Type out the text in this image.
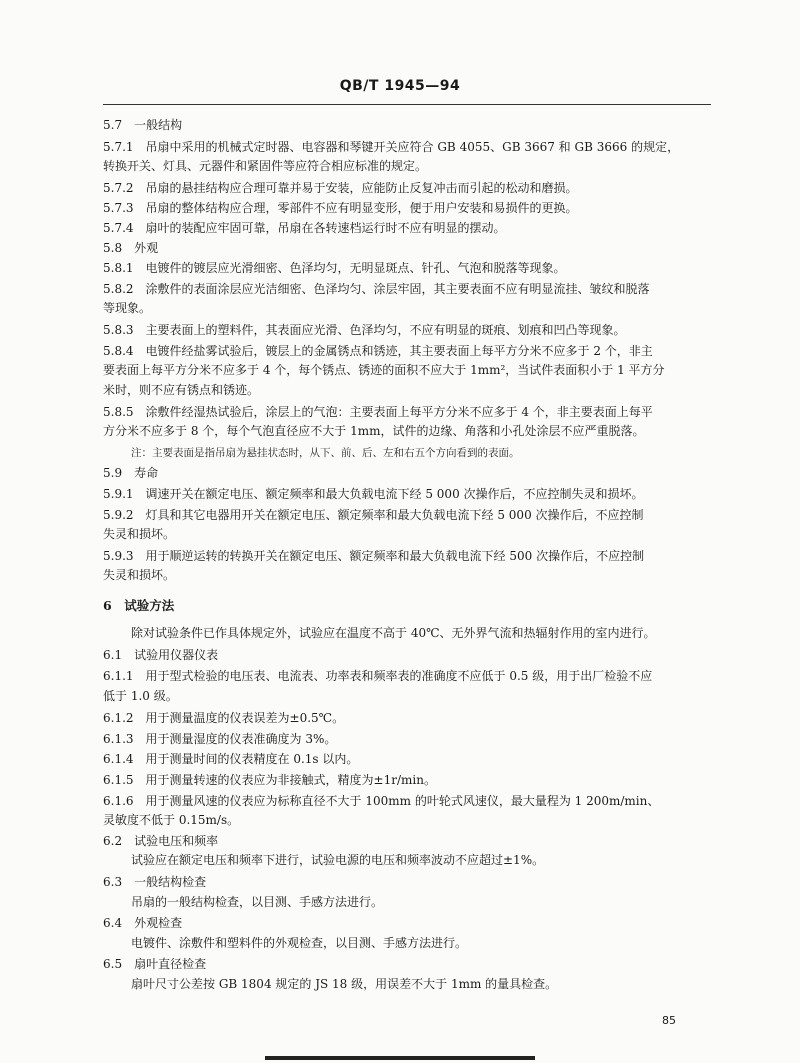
QB/T 1945—94
5.7　一般结构
5.7.1　吊扇中采用的机械式定时器、电容器和琴键开关应符合 GB 4055、GB 3667 和 GB 3666 的规定，
转换开关、灯具、元器件和紧固件等应符合相应标准的规定。
5.7.2　吊扇的悬挂结构应合理可靠并易于安装，应能防止反复冲击而引起的松动和磨损。
5.7.3　吊扇的整体结构应合理，零部件不应有明显变形，便于用户安装和易损件的更换。
5.7.4　扇叶的装配应牢固可靠，吊扇在各转速档运行时不应有明显的摆动。
5.8　外观
5.8.1　电镀件的镀层应光滑细密、色泽均匀，无明显斑点、针孔、气泡和脱落等现象。
5.8.2　涂敷件的表面涂层应光洁细密、色泽均匀、涂层牢固，其主要表面不应有明显流挂、皱纹和脱落
等现象。
5.8.3　主要表面上的塑料件，其表面应光滑、色泽均匀，不应有明显的斑痕、划痕和凹凸等现象。
5.8.4　电镀件经盐雾试验后，镀层上的金属锈点和锈迹，其主要表面上每平方分米不应多于 2 个，非主
要表面上每平方分米不应多于 4 个，每个锈点、锈迹的面积不应大于 1mm²，当试件表面积小于 1 平方分
米时，则不应有锈点和锈迹。
5.8.5　涂敷件经湿热试验后，涂层上的气泡：主要表面上每平方分米不应多于 4 个，非主要表面上每平
方分米不应多于 8 个，每个气泡直径应不大于 1mm，试件的边缘、角落和小孔处涂层不应严重脱落。
注：主要表面是指吊扇为悬挂状态时，从下、前、后、左和右五个方向看到的表面。
5.9　寿命
5.9.1　调速开关在额定电压、额定频率和最大负载电流下经 5 000 次操作后，不应控制失灵和损坏。
5.9.2　灯具和其它电器用开关在额定电压、额定频率和最大负载电流下经 5 000 次操作后，不应控制
失灵和损坏。
5.9.3　用于顺逆运转的转换开关在额定电压、额定频率和最大负载电流下经 500 次操作后，不应控制
失灵和损坏。
6　试验方法
除对试验条件已作具体规定外，试验应在温度不高于 40℃、无外界气流和热辐射作用的室内进行。
6.1　试验用仪器仪表
6.1.1　用于型式检验的电压表、电流表、功率表和频率表的准确度不应低于 0.5 级，用于出厂检验不应
低于 1.0 级。
6.1.2　用于测量温度的仪表误差为±0.5℃。
6.1.3　用于测量湿度的仪表准确度为 3%。
6.1.4　用于测量时间的仪表精度在 0.1s 以内。
6.1.5　用于测量转速的仪表应为非接触式，精度为±1r/min。
6.1.6　用于测量风速的仪表应为标称直径不大于 100mm 的叶轮式风速仪，最大量程为 1 200m/min、
灵敏度不低于 0.15m/s。
6.2　试验电压和频率
试验应在额定电压和频率下进行，试验电源的电压和频率波动不应超过±1%。
6.3　一般结构检查
吊扇的一般结构检查，以目测、手感方法进行。
6.4　外观检查
电镀件、涂敷件和塑料件的外观检查，以目测、手感方法进行。
6.5　扇叶直径检查
扇叶尺寸公差按 GB 1804 规定的 JS 18 级，用误差不大于 1mm 的量具检查。
85
